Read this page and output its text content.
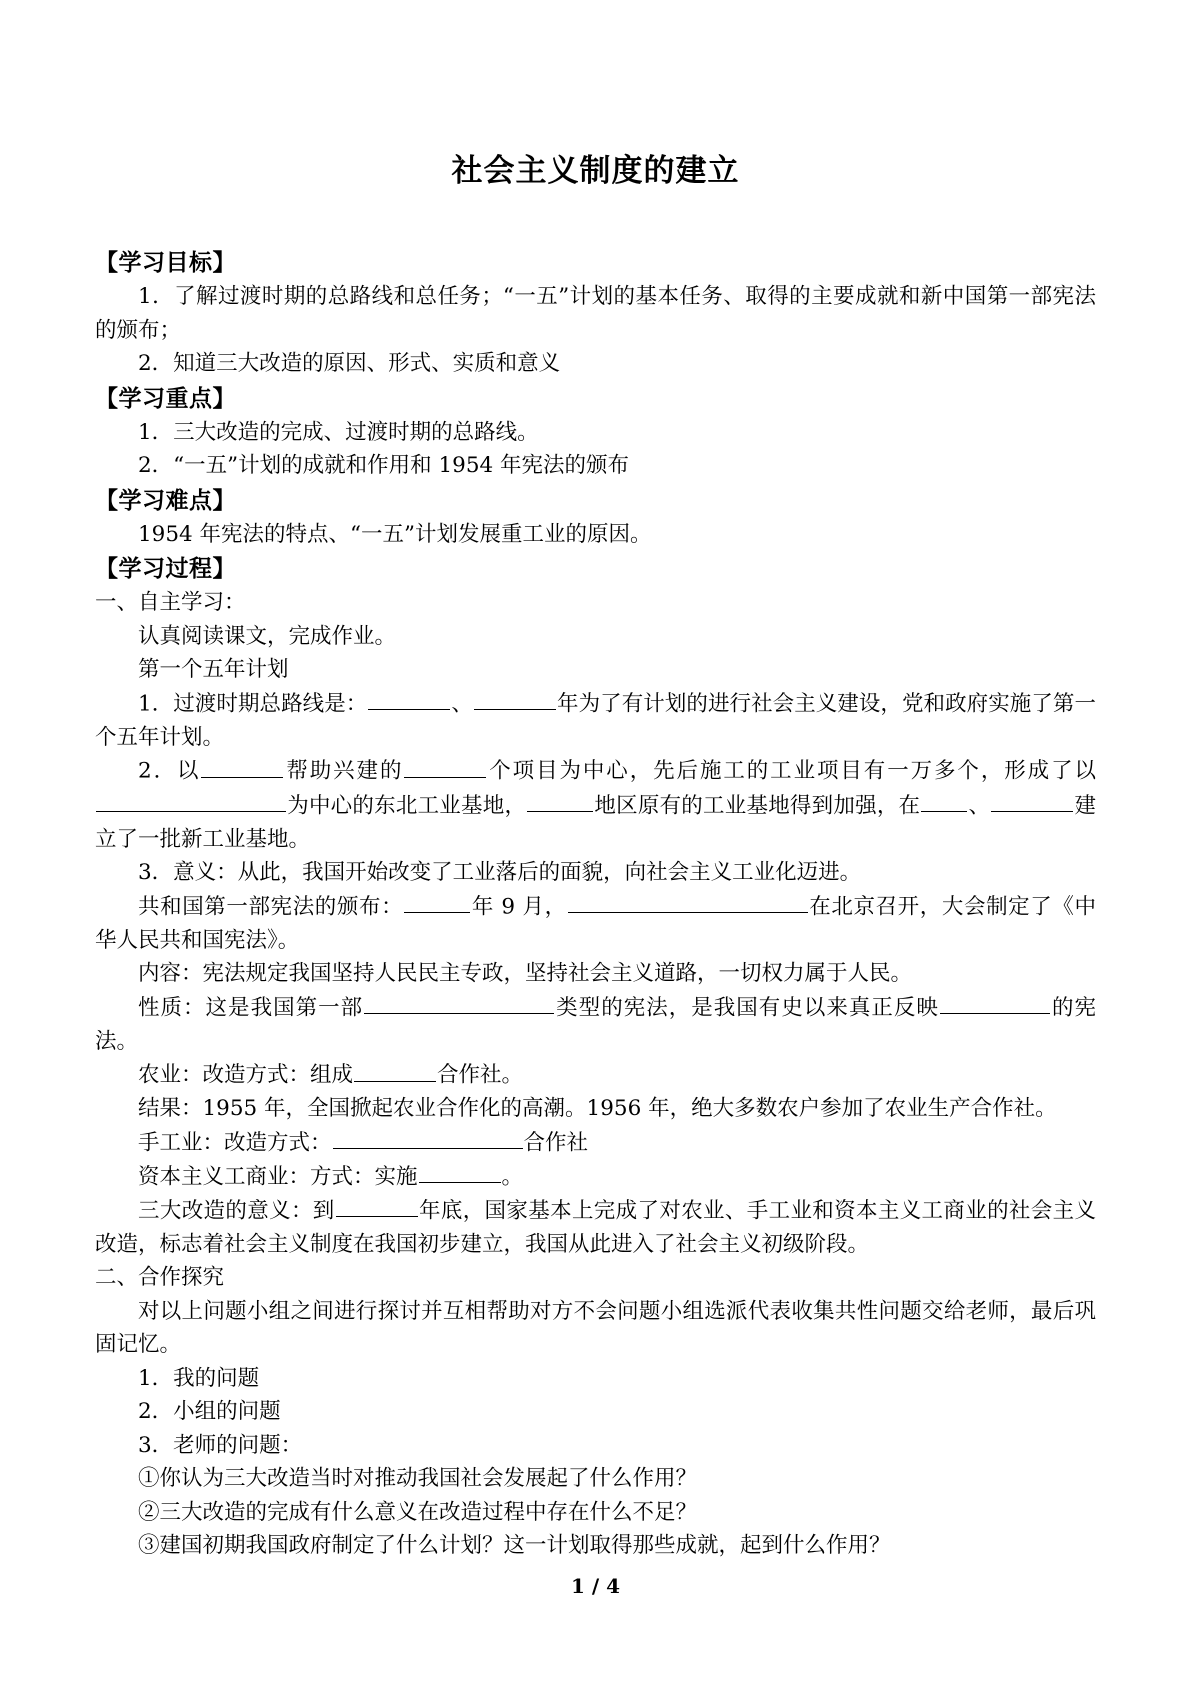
社会主义制度的建立

【学习目标】

1．了解过渡时期的总路线和总任务；“一五”计划的基本任务、取得的主要成就和新中国第一部宪法的颁布；

2．知道三大改造的原因、形式、实质和意义

【学习重点】

1．三大改造的完成、过渡时期的总路线。

2．“一五”计划的成就和作用和 1954 年宪法的颁布

【学习难点】

1954 年宪法的特点、“一五”计划发展重工业的原因。

【学习过程】

一、自主学习：

认真阅读课文，完成作业。

第一个五年计划

1．过渡时期总路线是：	、	年为了有计划的进行社会主义建设，党和政府实施了第一个五年计划。

2．以	帮助兴建的	个项目为中心，先后施工的工业项目有一万多个，形成了以为中心的东北工业基地，	地区原有的工业基地得到加强，在 、	建立了一批新工业基地。

3．意义：从此，我国开始改变了工业落后的面貌，向社会主义工业化迈进。

共和国第一部宪法的颁布：	年 9 月，	在北京召开，大会制定了《中华人民共和国宪法》。

内容：宪法规定我国坚持人民民主专政，坚持社会主义道路，一切权力属于人民。

性质：这是我国第一部	类型的宪法，是我国有史以来真正反映	的宪法。

农业：改造方式：组成	合作社。

结果：1955 年，全国掀起农业合作化的高潮。1956 年，绝大多数农户参加了农业生产合作社。

手工业：改造方式：	合作社

资本主义工商业：方式：实施	。

三大改造的意义：到	年底，国家基本上完成了对农业、手工业和资本主义工商业的社会主义改造，标志着社会主义制度在我国初步建立，我国从此进入了社会主义初级阶段。

二、合作探究

对以上问题小组之间进行探讨并互相帮助对方不会问题小组选派代表收集共性问题交给老师，最后巩固记忆。

1．我的问题

2．小组的问题

3．老师的问题：

①你认为三大改造当时对推动我国社会发展起了什么作用？

②三大改造的完成有什么意义在改造过程中存在什么不足？

③建国初期我国政府制定了什么计划？这一计划取得那些成就，起到什么作用？

1 / 4
